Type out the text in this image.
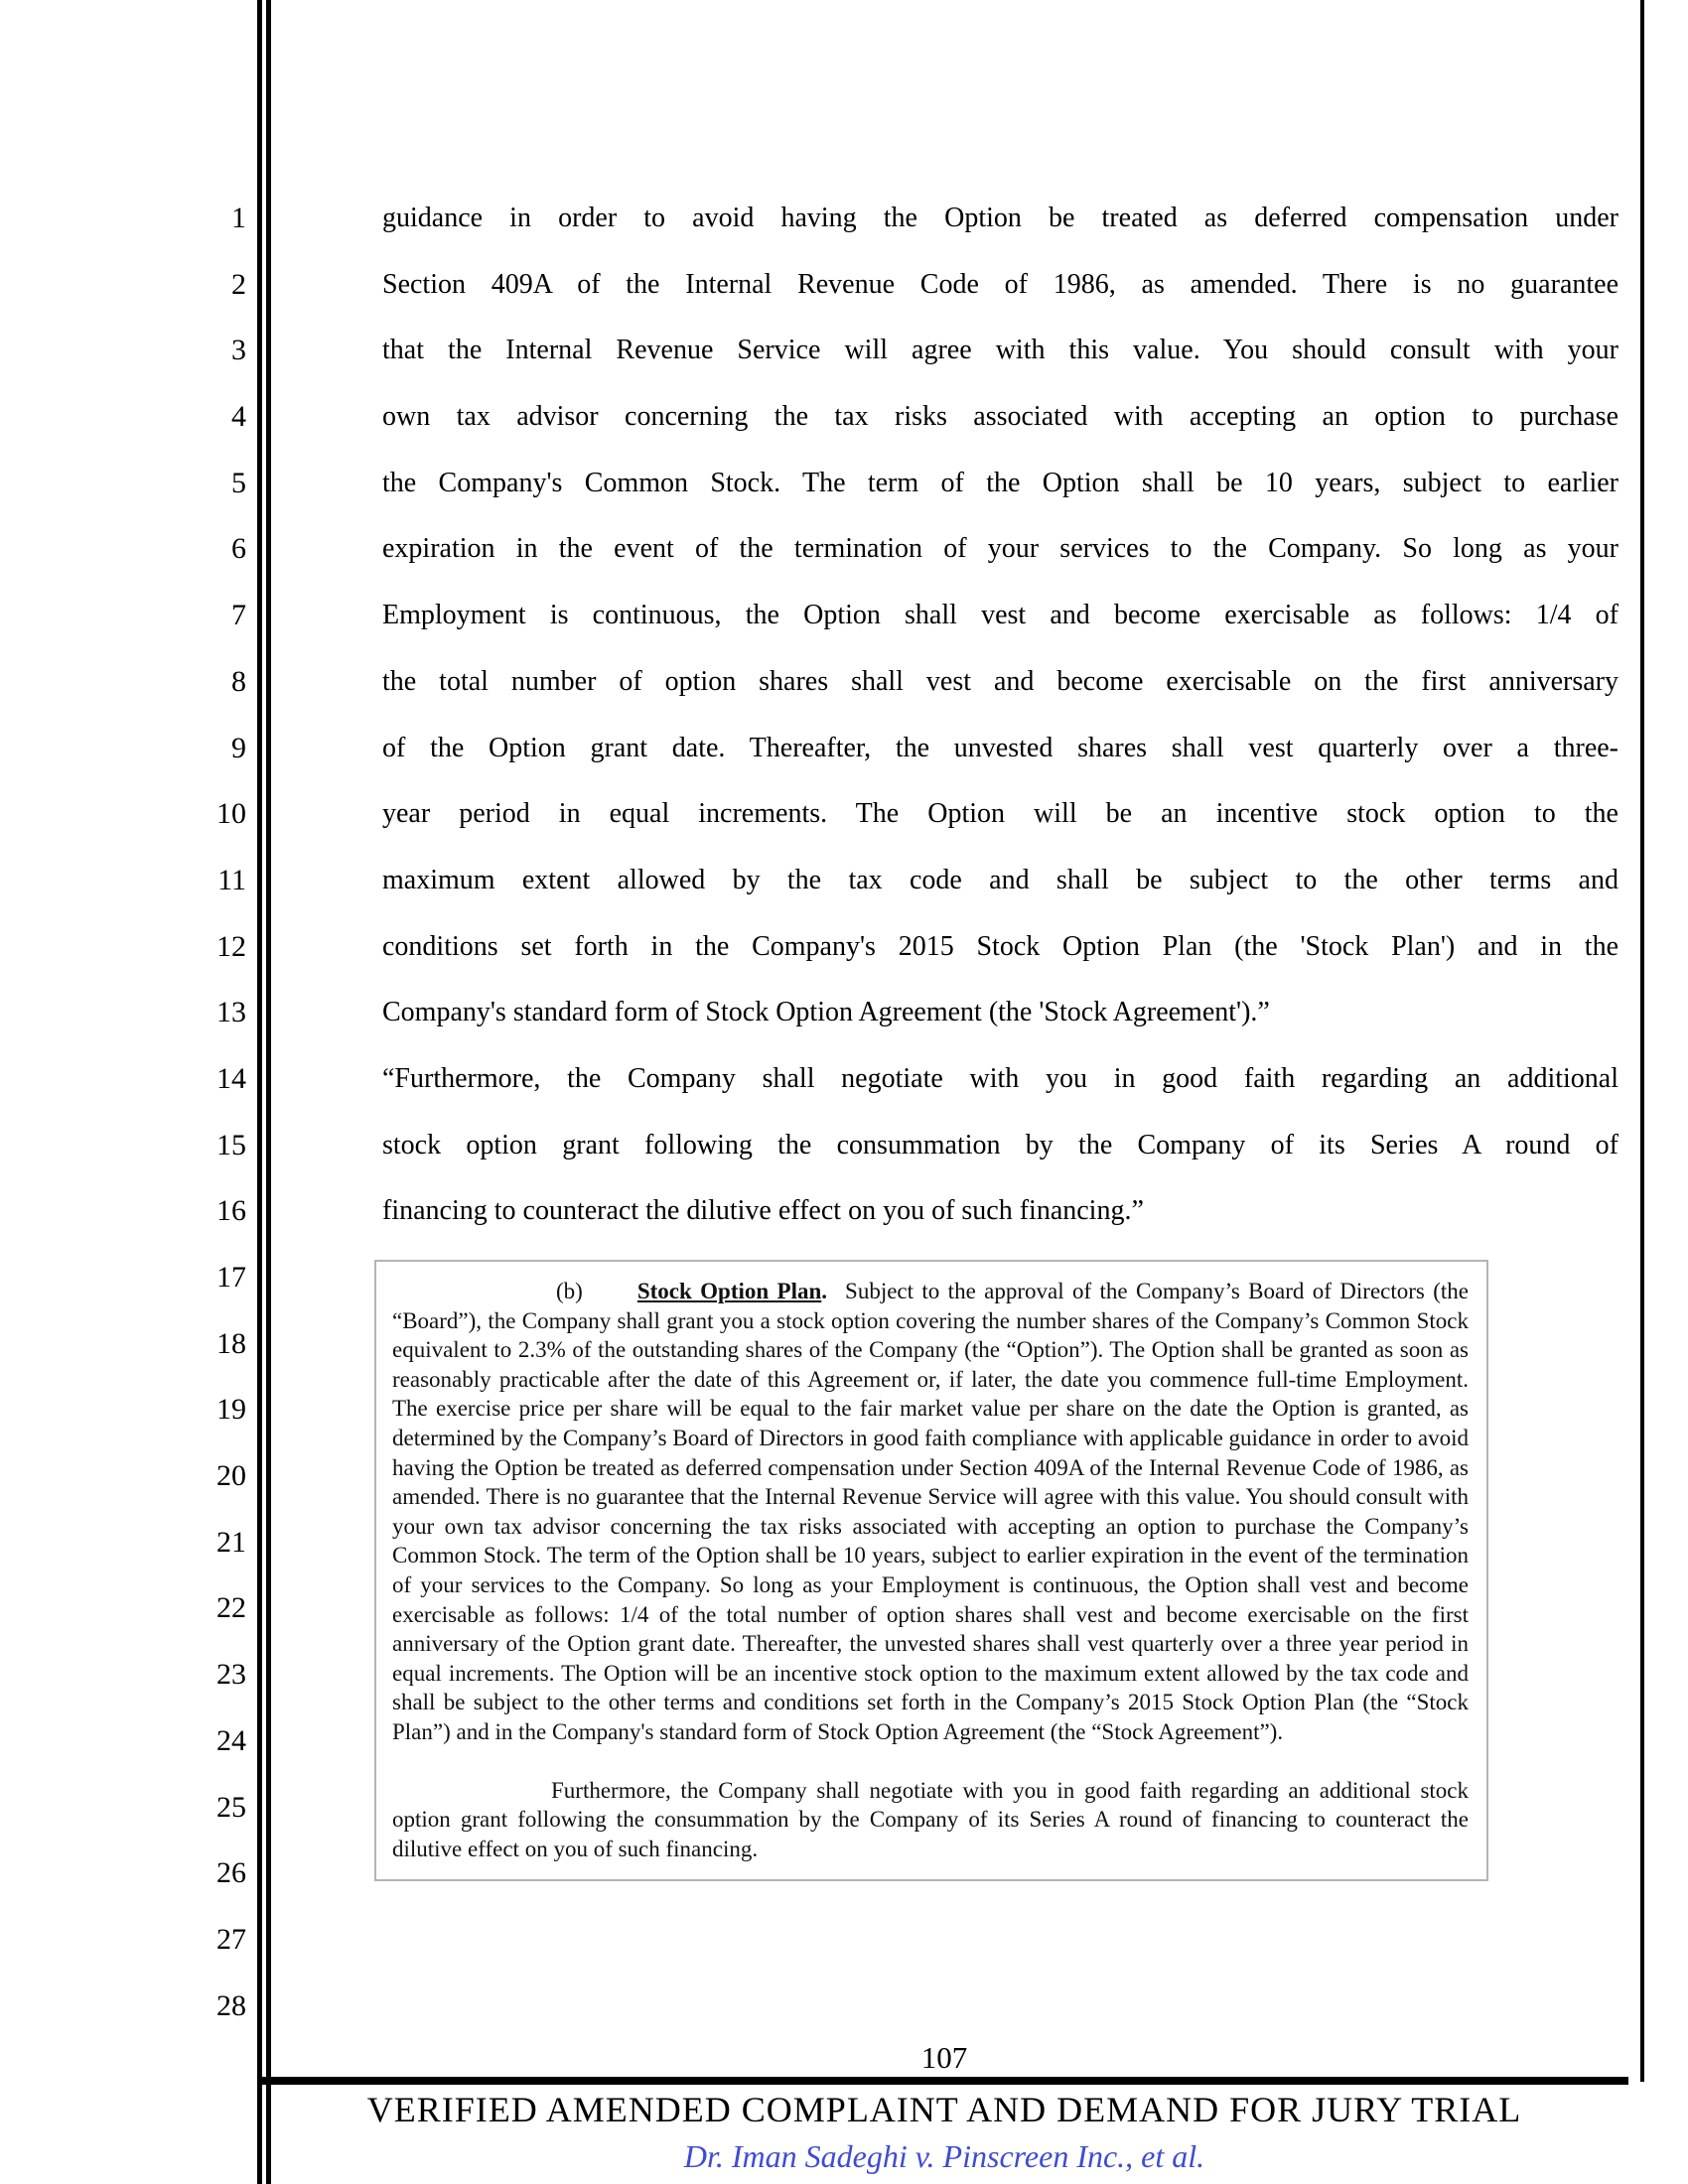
1
2
3
4
5
6
7
8
9
10
11
12
13
14
15
16
17
18
19
20
21
22
23
24
25
26
27
28
guidance in order to avoid having the Option be treated as deferred compensation under
Section 409A of the Internal Revenue Code of 1986, as amended. There is no guarantee
that the Internal Revenue Service will agree with this value. You should consult with your
own tax advisor concerning the tax risks associated with accepting an option to purchase
the Company's Common Stock. The term of the Option shall be 10 years, subject to earlier
expiration in the event of the termination of your services to the Company. So long as your
Employment is continuous, the Option shall vest and become exercisable as follows: 1/4 of
the total number of option shares shall vest and become exercisable on the first anniversary
of the Option grant date. Thereafter, the unvested shares shall vest quarterly over a three-
year period in equal increments. The Option will be an incentive stock option to the
maximum extent allowed by the tax code and shall be subject to the other terms and
conditions set forth in the Company's 2015 Stock Option Plan (the 'Stock Plan') and in the
Company's standard form of Stock Option Agreement (the 'Stock Agreement').”
“Furthermore, the Company shall negotiate with you in good faith regarding an additional
stock option grant following the consummation by the Company of its Series A round of
financing to counteract the dilutive effect on you of such financing.”

(b) Stock Option Plan. Subject to the approval of the Company’s Board of Directors (the “Board”), the Company shall grant you a stock option covering the number shares of the Company’s Common Stock equivalent to 2.3% of the outstanding shares of the Company (the “Option”). The Option shall be granted as soon as reasonably practicable after the date of this Agreement or, if later, the date you commence full-time Employment. The exercise price per share will be equal to the fair market value per share on the date the Option is granted, as determined by the Company’s Board of Directors in good faith compliance with applicable guidance in order to avoid having the Option be treated as deferred compensation under Section 409A of the Internal Revenue Code of 1986, as amended. There is no guarantee that the Internal Revenue Service will agree with this value. You should consult with your own tax advisor concerning the tax risks associated with accepting an option to purchase the Company’s Common Stock. The term of the Option shall be 10 years, subject to earlier expiration in the event of the termination of your services to the Company. So long as your Employment is continuous, the Option shall vest and become exercisable as follows: 1/4 of the total number of option shares shall vest and become exercisable on the first anniversary of the Option grant date. Thereafter, the unvested shares shall vest quarterly over a three year period in equal increments. The Option will be an incentive stock option to the maximum extent allowed by the tax code and shall be subject to the other terms and conditions set forth in the Company’s 2015 Stock Option Plan (the “Stock Plan”) and in the Company's standard form of Stock Option Agreement (the “Stock Agreement”).

Furthermore, the Company shall negotiate with you in good faith regarding an additional stock option grant following the consummation by the Company of its Series A round of financing to counteract the dilutive effect on you of such financing.

107
VERIFIED AMENDED COMPLAINT AND DEMAND FOR JURY TRIAL
Dr. Iman Sadeghi v. Pinscreen Inc., et al.
